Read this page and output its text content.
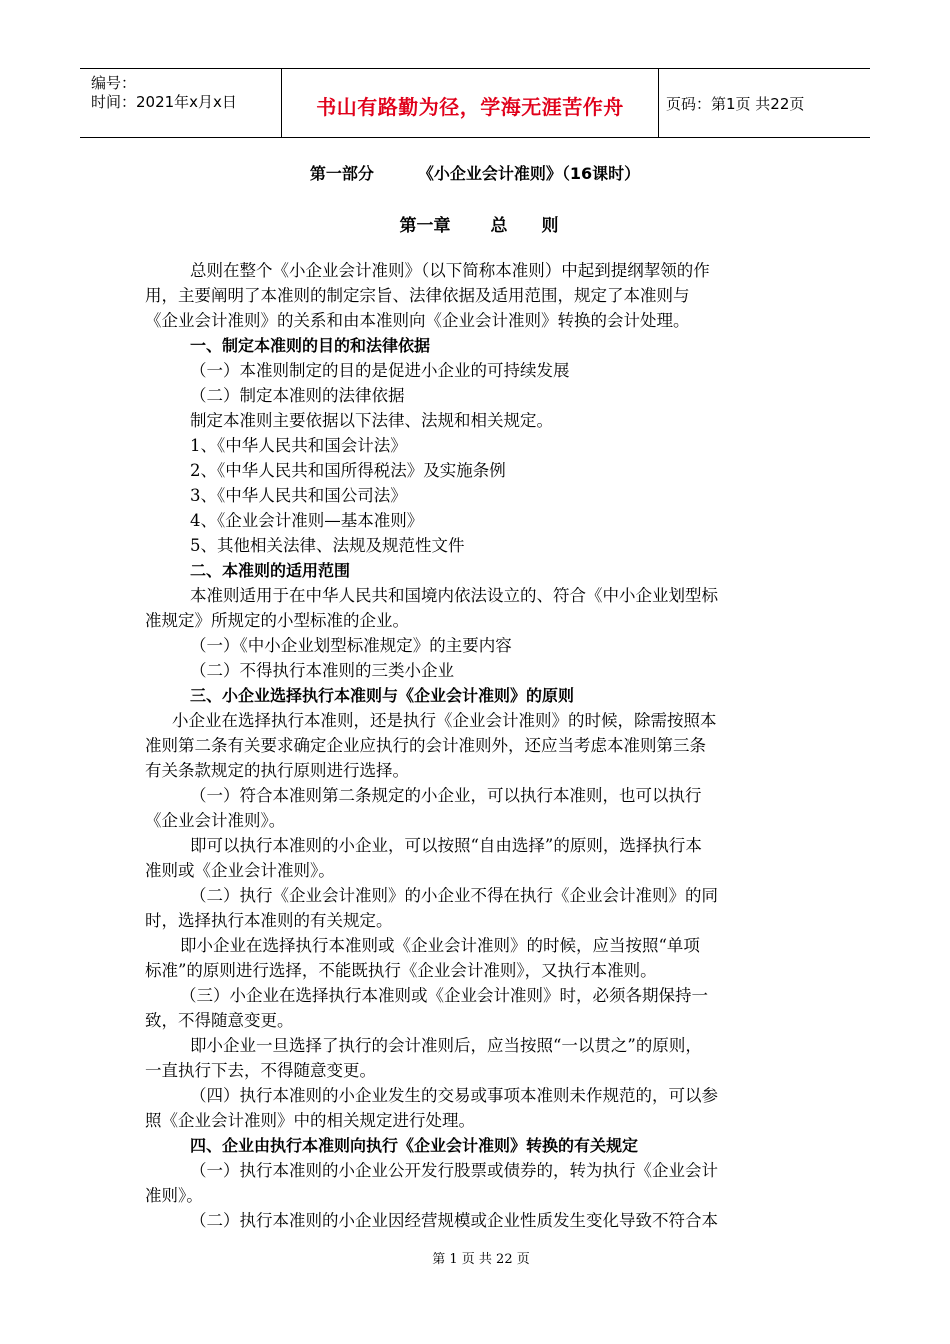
编号：
时间：2021年x月x日	书山有路勤为径，学海无涯苦作舟	页码：第1页 共22页
第一部分	《小企业会计准则》（16课时）
第一章 总　　则
总则在整个《小企业会计准则》（以下简称本准则）中起到提纲挈领的作
用，主要阐明了本准则的制定宗旨、法律依据及适用范围，规定了本准则与
《企业会计准则》的关系和由本准则向《企业会计准则》转换的会计处理。
一、制定本准则的目的和法律依据
（一）本准则制定的目的是促进小企业的可持续发展
（二）制定本准则的法律依据
制定本准则主要依据以下法律、法规和相关规定。
1、《中华人民共和国会计法》
2、《中华人民共和国所得税法》及实施条例
3、《中华人民共和国公司法》
4、《企业会计准则—基本准则》
5、其他相关法律、法规及规范性文件
二、本准则的适用范围
本准则适用于在中华人民共和国境内依法设立的、符合《中小企业划型标
准规定》所规定的小型标准的企业。
（一）《中小企业划型标准规定》的主要内容
（二）不得执行本准则的三类小企业
三、小企业选择执行本准则与《企业会计准则》的原则
小企业在选择执行本准则，还是执行《企业会计准则》的时候，除需按照本
准则第二条有关要求确定企业应执行的会计准则外，还应当考虑本准则第三条
有关条款规定的执行原则进行选择。
（一）符合本准则第二条规定的小企业，可以执行本准则，也可以执行
《企业会计准则》。
即可以执行本准则的小企业，可以按照“自由选择”的原则，选择执行本
准则或《企业会计准则》。
（二）执行《企业会计准则》的小企业不得在执行《企业会计准则》的同
时，选择执行本准则的有关规定。
即小企业在选择执行本准则或《企业会计准则》的时候，应当按照“单项
标准”的原则进行选择，不能既执行《企业会计准则》，又执行本准则。
（三）小企业在选择执行本准则或《企业会计准则》时，必须各期保持一
致，不得随意变更。
即小企业一旦选择了执行的会计准则后，应当按照“一以贯之”的原则，
一直执行下去，不得随意变更。
（四）执行本准则的小企业发生的交易或事项本准则未作规范的，可以参
照《企业会计准则》中的相关规定进行处理。
四、企业由执行本准则向执行《企业会计准则》转换的有关规定
（一）执行本准则的小企业公开发行股票或债券的，转为执行《企业会计
准则》。
（二）执行本准则的小企业因经营规模或企业性质发生变化导致不符合本
第 1 页 共 22 页
